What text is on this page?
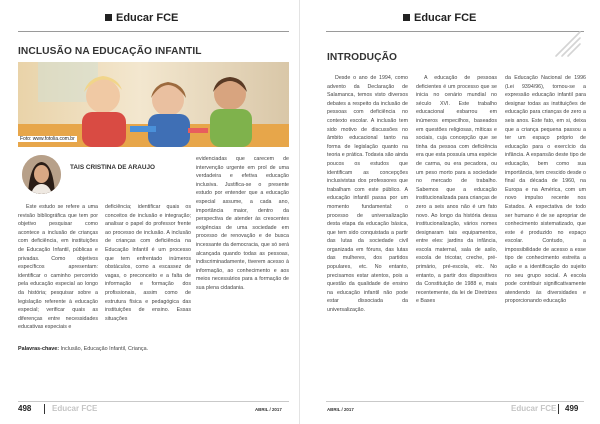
Educar FCE
INCLUSÃO NA EDUCAÇÃO INFANTIL
Foto: www.fotolia.com.br
TAIS CRISTINA DE ARAUJO

Este estudo se refere a uma revisão bibliográfica que tem por objetivo pesquisar como acontece a inclusão de crianças com deficiência, em instituições de Educação Infantil, públicas e privadas. Como objetivos específicos apresentam: identificar o caminho percorrido pela educação especial ao longo da história; pesquisar sobre a legislação referente à educação especial; verificar quais as diferenças entre necessidades educativas especiais e

deficiência; identificar quais os conceitos de inclusão e integração; analisar o papel do professor frente ao processo de inclusão. A inclusão de crianças com deficiência na Educação Infantil é um processo que tem enfrentado inúmeros obstáculos, como a escassez de vagas, o preconceito e a falta de informação e formação dos profissionais, assim como de estrutura física e pedagógica das instituições de ensino. Essas situações

evidenciadas que carecem de intervenção urgente em prol de uma verdadeira e efetiva educação inclusiva. Justifica-se o presente estudo por entender que a educação especial assume, a cada ano, importância maior, dentro da perspectiva de atender às crescentes exigências de uma sociedade em processo de renovação e de busca incessante da democracia, que só será alcançada quando todas as pessoas, indiscriminadamente, tiverem acesso à informação, ao conhecimento e aos meios necessários para a formação de sua plena cidadania.

Palavras-chave: Inclusão, Educação Infantil, Criança.
498	Educar FCE	ABRIL / 2017
Educar FCE
INTRODUÇÃO

Desde o ano de 1994, como advento da Declaração de Salamanca, temos visto diversos debates a respeito da inclusão de pessoas com deficiência no contexto escolar. A inclusão tem sido motivo de discussões no âmbito educacional tanto na forma de legislação quanto na teoria e prática. Todavia são ainda poucos os estudos que identificam as concepções inclusivistas dos professores que trabalham com este público. A educação infantil passa por um momento fundamental: o processo de universalização desta etapa da educação básica, que tem sido conquistada a partir das lutas da sociedade civil organizada em fóruns, das lutas das mulheres, dos partidos populares, etc. No entanto, precisamos estar atentos, pois a questão da qualidade de ensino na educação infantil não pode estar dissociada da universalização.

A educação de pessoas deficientes é um processo que se inicia no cenário mundial no século XVI. Este trabalho educacional esbarrou em inúmeros empecilhos, baseados em questões religiosas, míticas e sociais, cuja concepção que se tinha da pessoa com deficiência era que esta possuía uma espécie de carma, ou era pecadora, ou um peso morto para a sociedade no mercado de trabalho. Sabemos que a educação institucionalizada para crianças de zero a seis anos não é um fato novo. Ao longo da história dessa institucionalização, vários nomes designaram tais equipamentos, entre eles: jardins da infância, escola maternal, sala de asilo, escola de tricotar, creche, pré-primário, pré-escola, etc. No entanto, a partir dos dispositivos da Constituição de 1988 e, mais recentemente, da lei de Diretrizes e Bases

da Educação Nacional de 1996 (Lei 9394/96), tornou-se a expressão educação infantil para designar todas as instituições de educação para crianças de zero a seis anos. Este fato, em si, deixa que a criança pequena passou a ter um espaço próprio de educação para o exercício da infância. A expansão deste tipo de educação, bem como sua importância, tem crescido desde o final da década de 1960, na Europa e na América, com um novo impulso recente nos Estados. A expectativa de todo ser humano é de se apropriar de conhecimento sistematizado, que este é produzido no espaço escolar. Contudo, a impossibilidade de acesso a esse tipo de conhecimento estreita a ação e a identificação do sujeito no seu grupo social. A escola pode contribuir significativamente atendendo às diversidades e proporcionando educação

ABRIL / 2017	Educar FCE 499
